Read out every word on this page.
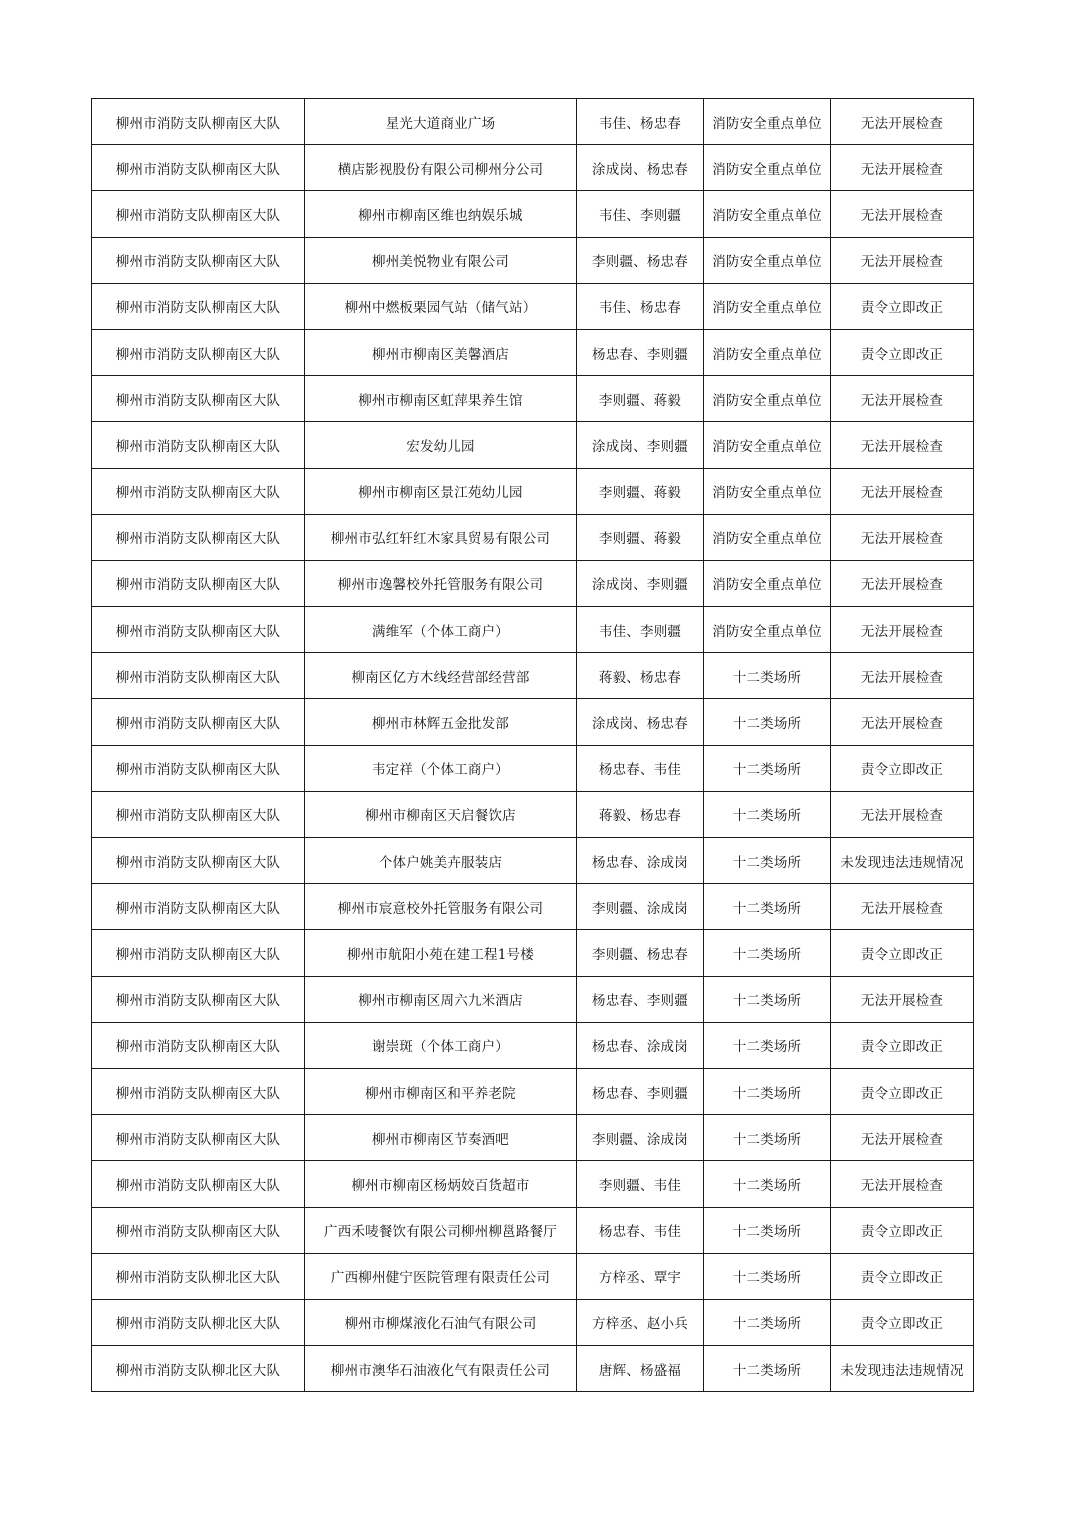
柳州市消防支队柳南区大队	星光大道商业广场	韦佳、杨忠春	消防安全重点单位	无法开展检查
柳州市消防支队柳南区大队	横店影视股份有限公司柳州分公司	涂成岗、杨忠春	消防安全重点单位	无法开展检查
柳州市消防支队柳南区大队	柳州市柳南区维也纳娱乐城	韦佳、李则疆	消防安全重点单位	无法开展检查
柳州市消防支队柳南区大队	柳州美悦物业有限公司	李则疆、杨忠春	消防安全重点单位	无法开展检查
柳州市消防支队柳南区大队	柳州中燃板栗园气站（储气站）	韦佳、杨忠春	消防安全重点单位	责令立即改正
柳州市消防支队柳南区大队	柳州市柳南区美馨酒店	杨忠春、李则疆	消防安全重点单位	责令立即改正
柳州市消防支队柳南区大队	柳州市柳南区虹萍果养生馆	李则疆、蒋毅	消防安全重点单位	无法开展检查
柳州市消防支队柳南区大队	宏发幼儿园	涂成岗、李则疆	消防安全重点单位	无法开展检查
柳州市消防支队柳南区大队	柳州市柳南区景江苑幼儿园	李则疆、蒋毅	消防安全重点单位	无法开展检查
柳州市消防支队柳南区大队	柳州市弘红轩红木家具贸易有限公司	李则疆、蒋毅	消防安全重点单位	无法开展检查
柳州市消防支队柳南区大队	柳州市逸馨校外托管服务有限公司	涂成岗、李则疆	消防安全重点单位	无法开展检查
柳州市消防支队柳南区大队	满维军（个体工商户）	韦佳、李则疆	消防安全重点单位	无法开展检查
柳州市消防支队柳南区大队	柳南区亿方木线经营部经营部	蒋毅、杨忠春	十二类场所	无法开展检查
柳州市消防支队柳南区大队	柳州市林辉五金批发部	涂成岗、杨忠春	十二类场所	无法开展检查
柳州市消防支队柳南区大队	韦定祥（个体工商户）	杨忠春、韦佳	十二类场所	责令立即改正
柳州市消防支队柳南区大队	柳州市柳南区天启餐饮店	蒋毅、杨忠春	十二类场所	无法开展检查
柳州市消防支队柳南区大队	个体户姚美卉服装店	杨忠春、涂成岗	十二类场所	未发现违法违规情况
柳州市消防支队柳南区大队	柳州市宸意校外托管服务有限公司	李则疆、涂成岗	十二类场所	无法开展检查
柳州市消防支队柳南区大队	柳州市航阳小苑在建工程1号楼	李则疆、杨忠春	十二类场所	责令立即改正
柳州市消防支队柳南区大队	柳州市柳南区周六九米酒店	杨忠春、李则疆	十二类场所	无法开展检查
柳州市消防支队柳南区大队	谢崇斑（个体工商户）	杨忠春、涂成岗	十二类场所	责令立即改正
柳州市消防支队柳南区大队	柳州市柳南区和平养老院	杨忠春、李则疆	十二类场所	责令立即改正
柳州市消防支队柳南区大队	柳州市柳南区节奏酒吧	李则疆、涂成岗	十二类场所	无法开展检查
柳州市消防支队柳南区大队	柳州市柳南区杨炳姣百货超市	李则疆、韦佳	十二类场所	无法开展检查
柳州市消防支队柳南区大队	广西禾唛餐饮有限公司柳州柳邕路餐厅	杨忠春、韦佳	十二类场所	责令立即改正
柳州市消防支队柳北区大队	广西柳州健宁医院管理有限责任公司	方梓丞、覃宇	十二类场所	责令立即改正
柳州市消防支队柳北区大队	柳州市柳煤液化石油气有限公司	方梓丞、赵小兵	十二类场所	责令立即改正
柳州市消防支队柳北区大队	柳州市澳华石油液化气有限责任公司	唐辉、杨盛福	十二类场所	未发现违法违规情况
